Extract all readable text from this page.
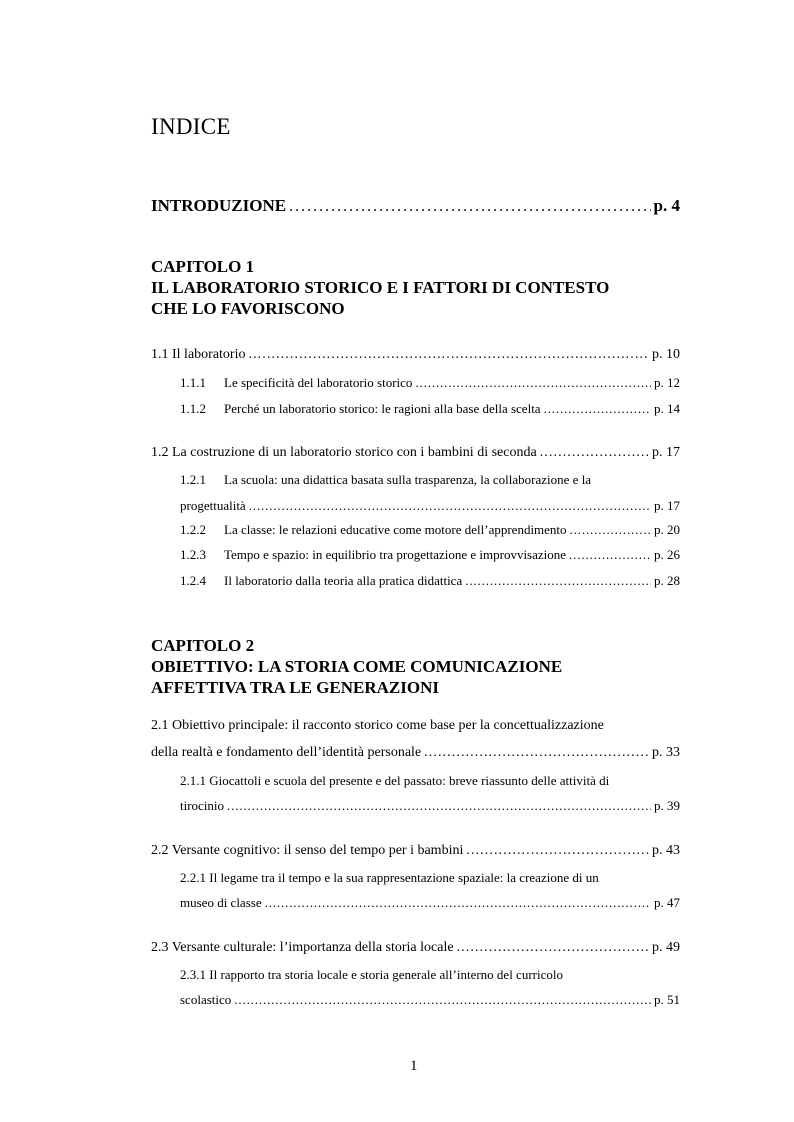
INDICE
INTRODUZIONE . . .	p. 4
CAPITOLO 1
IL LABORATORIO STORICO E I FATTORI DI CONTESTO
CHE LO FAVORISCONO
1.1 Il laboratorio . . .	p. 10
1.1.1 Le specificità del laboratorio storico . . .	p. 12
1.1.2 Perché un laboratorio storico: le ragioni alla base della scelta . . .	p. 14
1.2 La costruzione di un laboratorio storico con i bambini di seconda . . .	p. 17
1.2.1 La scuola: una didattica basata sulla trasparenza, la collaborazione e la
progettualità . . .	p. 17
1.2.2 La classe: le relazioni educative come motore dell’apprendimento . . .	p. 20
1.2.3 Tempo e spazio: in equilibrio tra progettazione e improvvisazione . . .	p. 26
1.2.4 Il laboratorio dalla teoria alla pratica didattica . . .	p. 28
CAPITOLO 2
OBIETTIVO: LA STORIA COME COMUNICAZIONE
AFFETTIVA TRA LE GENERAZIONI
2.1 Obiettivo principale: il racconto storico come base per la concettualizzazione
della realtà e fondamento dell’identità personale . . .	p. 33
2.1.1 Giocattoli e scuola del presente e del passato: breve riassunto delle attività di
tirocinio . . .	p. 39
2.2 Versante cognitivo: il senso del tempo per i bambini . . .	p. 43
2.2.1 Il legame tra il tempo e la sua rappresentazione spaziale: la creazione di un
museo di classe . . .	p. 47
2.3 Versante culturale: l’importanza della storia locale . . .	p. 49
2.3.1 Il rapporto tra storia locale e storia generale all’interno del curricolo
scolastico . . .	p. 51
1
